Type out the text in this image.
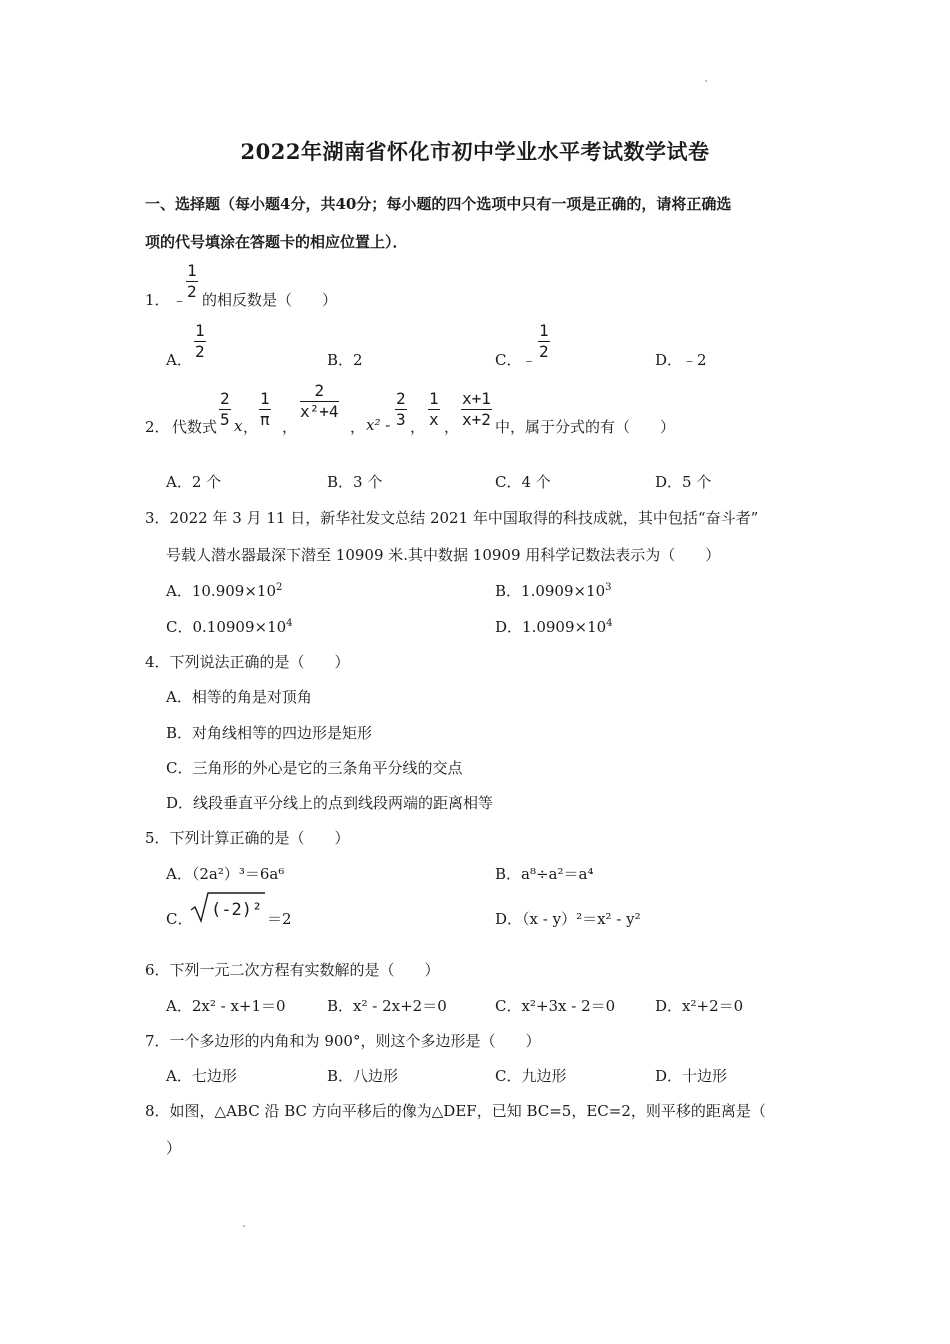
2022年湖南省怀化市初中学业水平考试数学试卷
一、选择题（每小题4分，共40分；每小题的四个选项中只有一项是正确的，请将正确选
项的代号填涂在答题卡的相应位置上）．
1． ﹣
$\frac{1}{2}$ 的相反数是（　　）
A． $\frac{1}{2}$	B．2	C．﹣ $\frac{1}{2}$	D．﹣2
2． 代数式 $\frac{2}{5}$ x ， $\frac{1}{\pi}$ ，
$\frac{2}{\text{x²+4}}$
， $x^2 - \frac{2}{3}$ ， $\frac{1}{x}$ ， $\frac{x+1}{x+2}$ 中，属于分式的有（　　）
A．2 个	B．3 个	C．4 个	D．5 个
3．2022 年 3 月 11 日，新华社发文总结 2021 年中国取得的科技成就，其中包括“奋斗者”
号载人潜水器最深下潜至 10909 米.其中数据 10909 用科学记数法表示为（　　）
A．$10.909\times 10^2$	B．$1.0909\times 10^3$
C．$0.10909\times 10^4$	D．$1.0909\times 10^4$
4．下列说法正确的是（　　）
A．相等的角是对顶角
B．对角线相等的四边形是矩形
C．三角形的外心是它的三条角平分线的交点
D．线段垂直平分线上的点到线段两端的距离相等
5．下列计算正确的是（　　）
A．（2a²）³＝6a⁶	B．a⁸÷a²＝a⁴
C． (-2)² ＝2	D．（x - y）²＝x² - y²
6．下列一元二次方程有实数解的是（　　）
A．2x² - x+1＝0	B．x² - 2x+2＝0	C．x²+3x - 2＝0	D．x²+2＝0
7．一个多边形的内角和为 900°，则这个多边形是（　　）
A．七边形	B．八边形	C．九边形	D．十边形
8．如图，△ABC 沿 BC 方向平移后的像为△DEF，已知 BC=5，EC=2，则平移的距离是（
）
